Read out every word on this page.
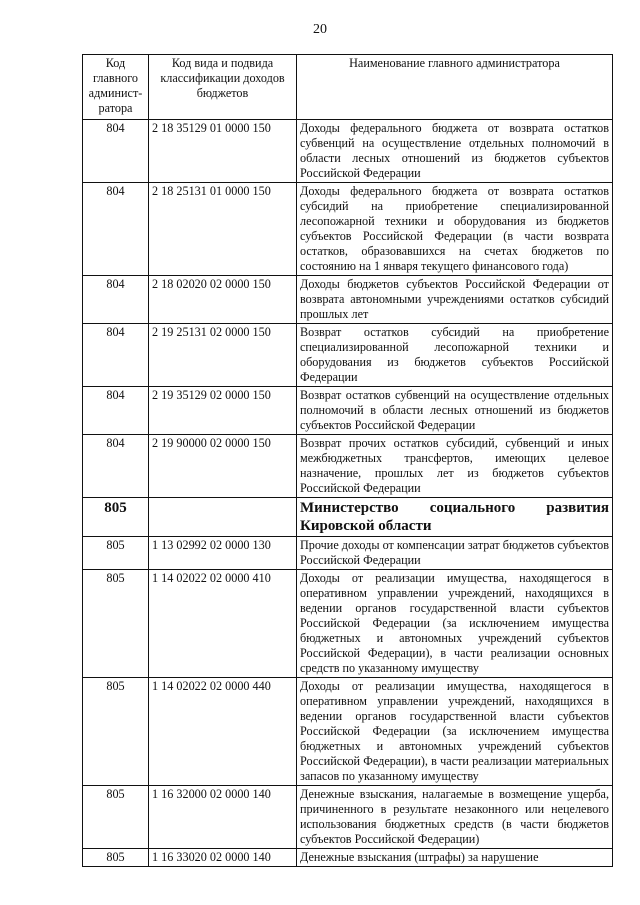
20
Код главного админист-ратора	Код вида и подвида классификации доходов бюджетов	Наименование главного администратора
804	2 18 35129 01 0000 150	Доходы федерального бюджета от возврата остатков субвенций на осуществление отдельных полномочий в области лесных отношений из бюджетов субъектов Российской Федерации
804	2 18 25131 01 0000 150	Доходы федерального бюджета от возврата остатков субсидий на приобретение специализированной лесопожарной техники и оборудования из бюджетов субъектов Российской Федерации (в части возврата остатков, образовавшихся на счетах бюджетов по состоянию на 1 января текущего финансового года)
804	2 18 02020 02 0000 150	Доходы бюджетов субъектов Российской Федерации от возврата автономными учреждениями остатков субсидий прошлых лет
804	2 19 25131 02 0000 150	Возврат остатков субсидий на приобретение специализированной лесопожарной техники и оборудования из бюджетов субъектов Российской Федерации
804	2 19 35129 02 0000 150	Возврат остатков субвенций на осуществление отдельных полномочий в области лесных отношений из бюджетов субъектов Российской Федерации
804	2 19 90000 02 0000 150	Возврат прочих остатков субсидий, субвенций и иных межбюджетных трансфертов, имеющих целевое назначение, прошлых лет из бюджетов субъектов Российской Федерации
805		Министерство социального развития Кировской области
805	1 13 02992 02 0000 130	Прочие доходы от компенсации затрат бюджетов субъектов Российской Федерации
805	1 14 02022 02 0000 410	Доходы от реализации имущества, находящегося в оперативном управлении учреждений, находящихся в ведении органов государственной власти субъектов Российской Федерации (за исключением имущества бюджетных и автономных учреждений субъектов Российской Федерации), в части реализации основных средств по указанному имуществу
805	1 14 02022 02 0000 440	Доходы от реализации имущества, находящегося в оперативном управлении учреждений, находящихся в ведении органов государственной власти субъектов Российской Федерации (за исключением имущества бюджетных и автономных учреждений субъектов Российской Федерации), в части реализации материальных запасов по указанному имуществу
805	1 16 32000 02 0000 140	Денежные взыскания, налагаемые в возмещение ущерба, причиненного в результате незаконного или нецелевого использования бюджетных средств (в части бюджетов субъектов Российской Федерации)
805	1 16 33020 02 0000 140	Денежные взыскания (штрафы) за нарушение
